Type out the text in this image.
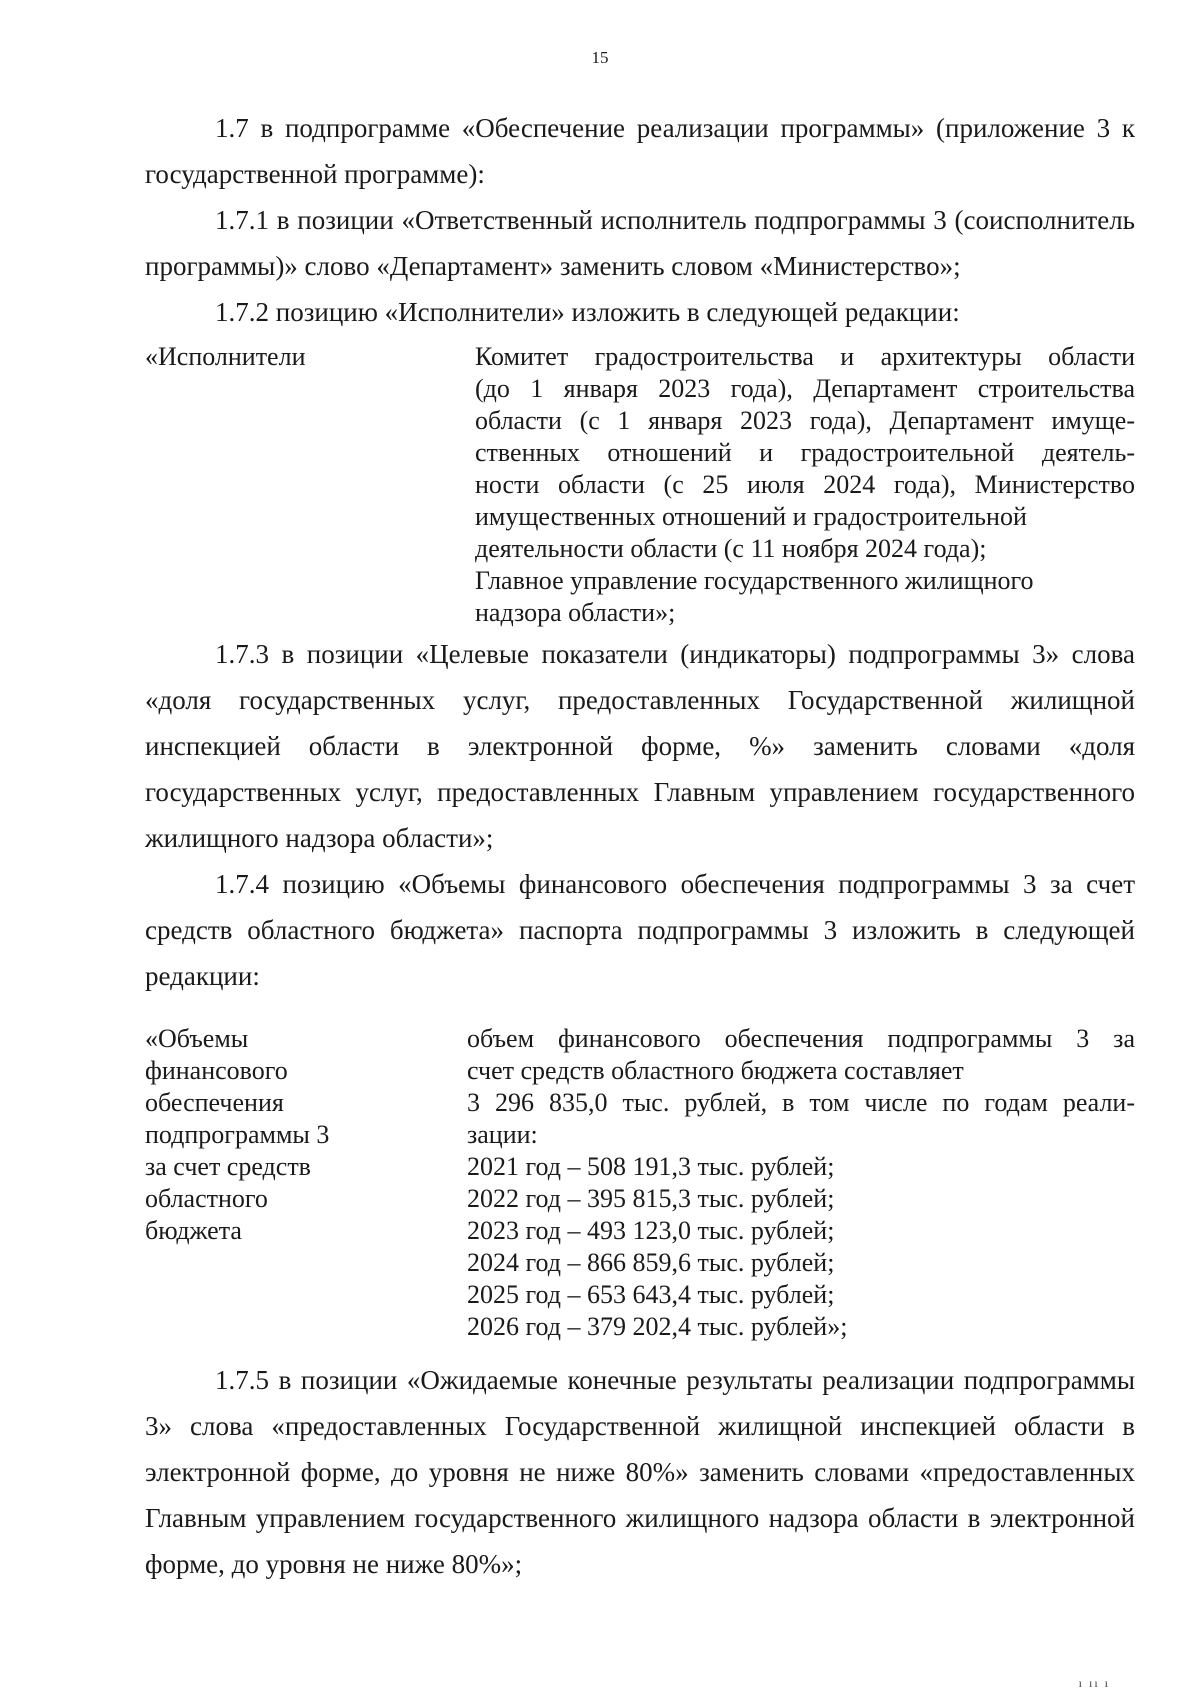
15

1.7 в подпрограмме «Обеспечение реализации программы» (приложение 3 к государственной программе):

1.7.1 в позиции «Ответственный исполнитель подпрограммы 3 (соисполнитель программы)» слово «Департамент» заменить словом «Министерство»;

1.7.2 позицию «Исполнители» изложить в следующей редакции:

«Исполнители	Комитет градостроительства и архитектуры области
(до 1 января 2023 года), Департамент строительства
области (с 1 января 2023 года), Департамент имуще-
ственных отношений и градостроительной деятель-
ности области (с 25 июля 2024 года), Министерство
имущественных отношений и градостроительной
деятельности области (с 11 ноября 2024 года);
Главное управление государственного жилищного
надзора области»;

1.7.3 в позиции «Целевые показатели (индикаторы) подпрограммы 3» слова «доля государственных услуг, предоставленных Государственной жилищной инспекцией области в электронной форме, %» заменить словами «доля государственных услуг, предоставленных Главным управлением государственного жилищного надзора области»;

1.7.4 позицию «Объемы финансового обеспечения подпрограммы 3 за счет средств областного бюджета» паспорта подпрограммы 3 изложить в следующей редакции:

«Объемы
финансового
обеспечения
подпрограммы 3
за счет средств
областного
бюджета
объем финансового обеспечения подпрограммы 3 за
счет средств областного бюджета составляет
3 296 835,0 тыс. рублей, в том числе по годам реали-
зации:
2021 год – 508 191,3 тыс. рублей;
2022 год – 395 815,3 тыс. рублей;
2023 год – 493 123,0 тыс. рублей;
2024 год – 866 859,6 тыс. рублей;
2025 год – 653 643,4 тыс. рублей;
2026 год – 379 202,4 тыс. рублей»;

1.7.5 в позиции «Ожидаемые конечные результаты реализации подпрограммы 3» слова «предоставленных Государственной жилищной инспекцией области в электронной форме, до уровня не ниже 80%» заменить словами «предоставленных Главным управлением государственного жилищного надзора области в электронной форме, до уровня не ниже 80%»;

ı ıı ı
